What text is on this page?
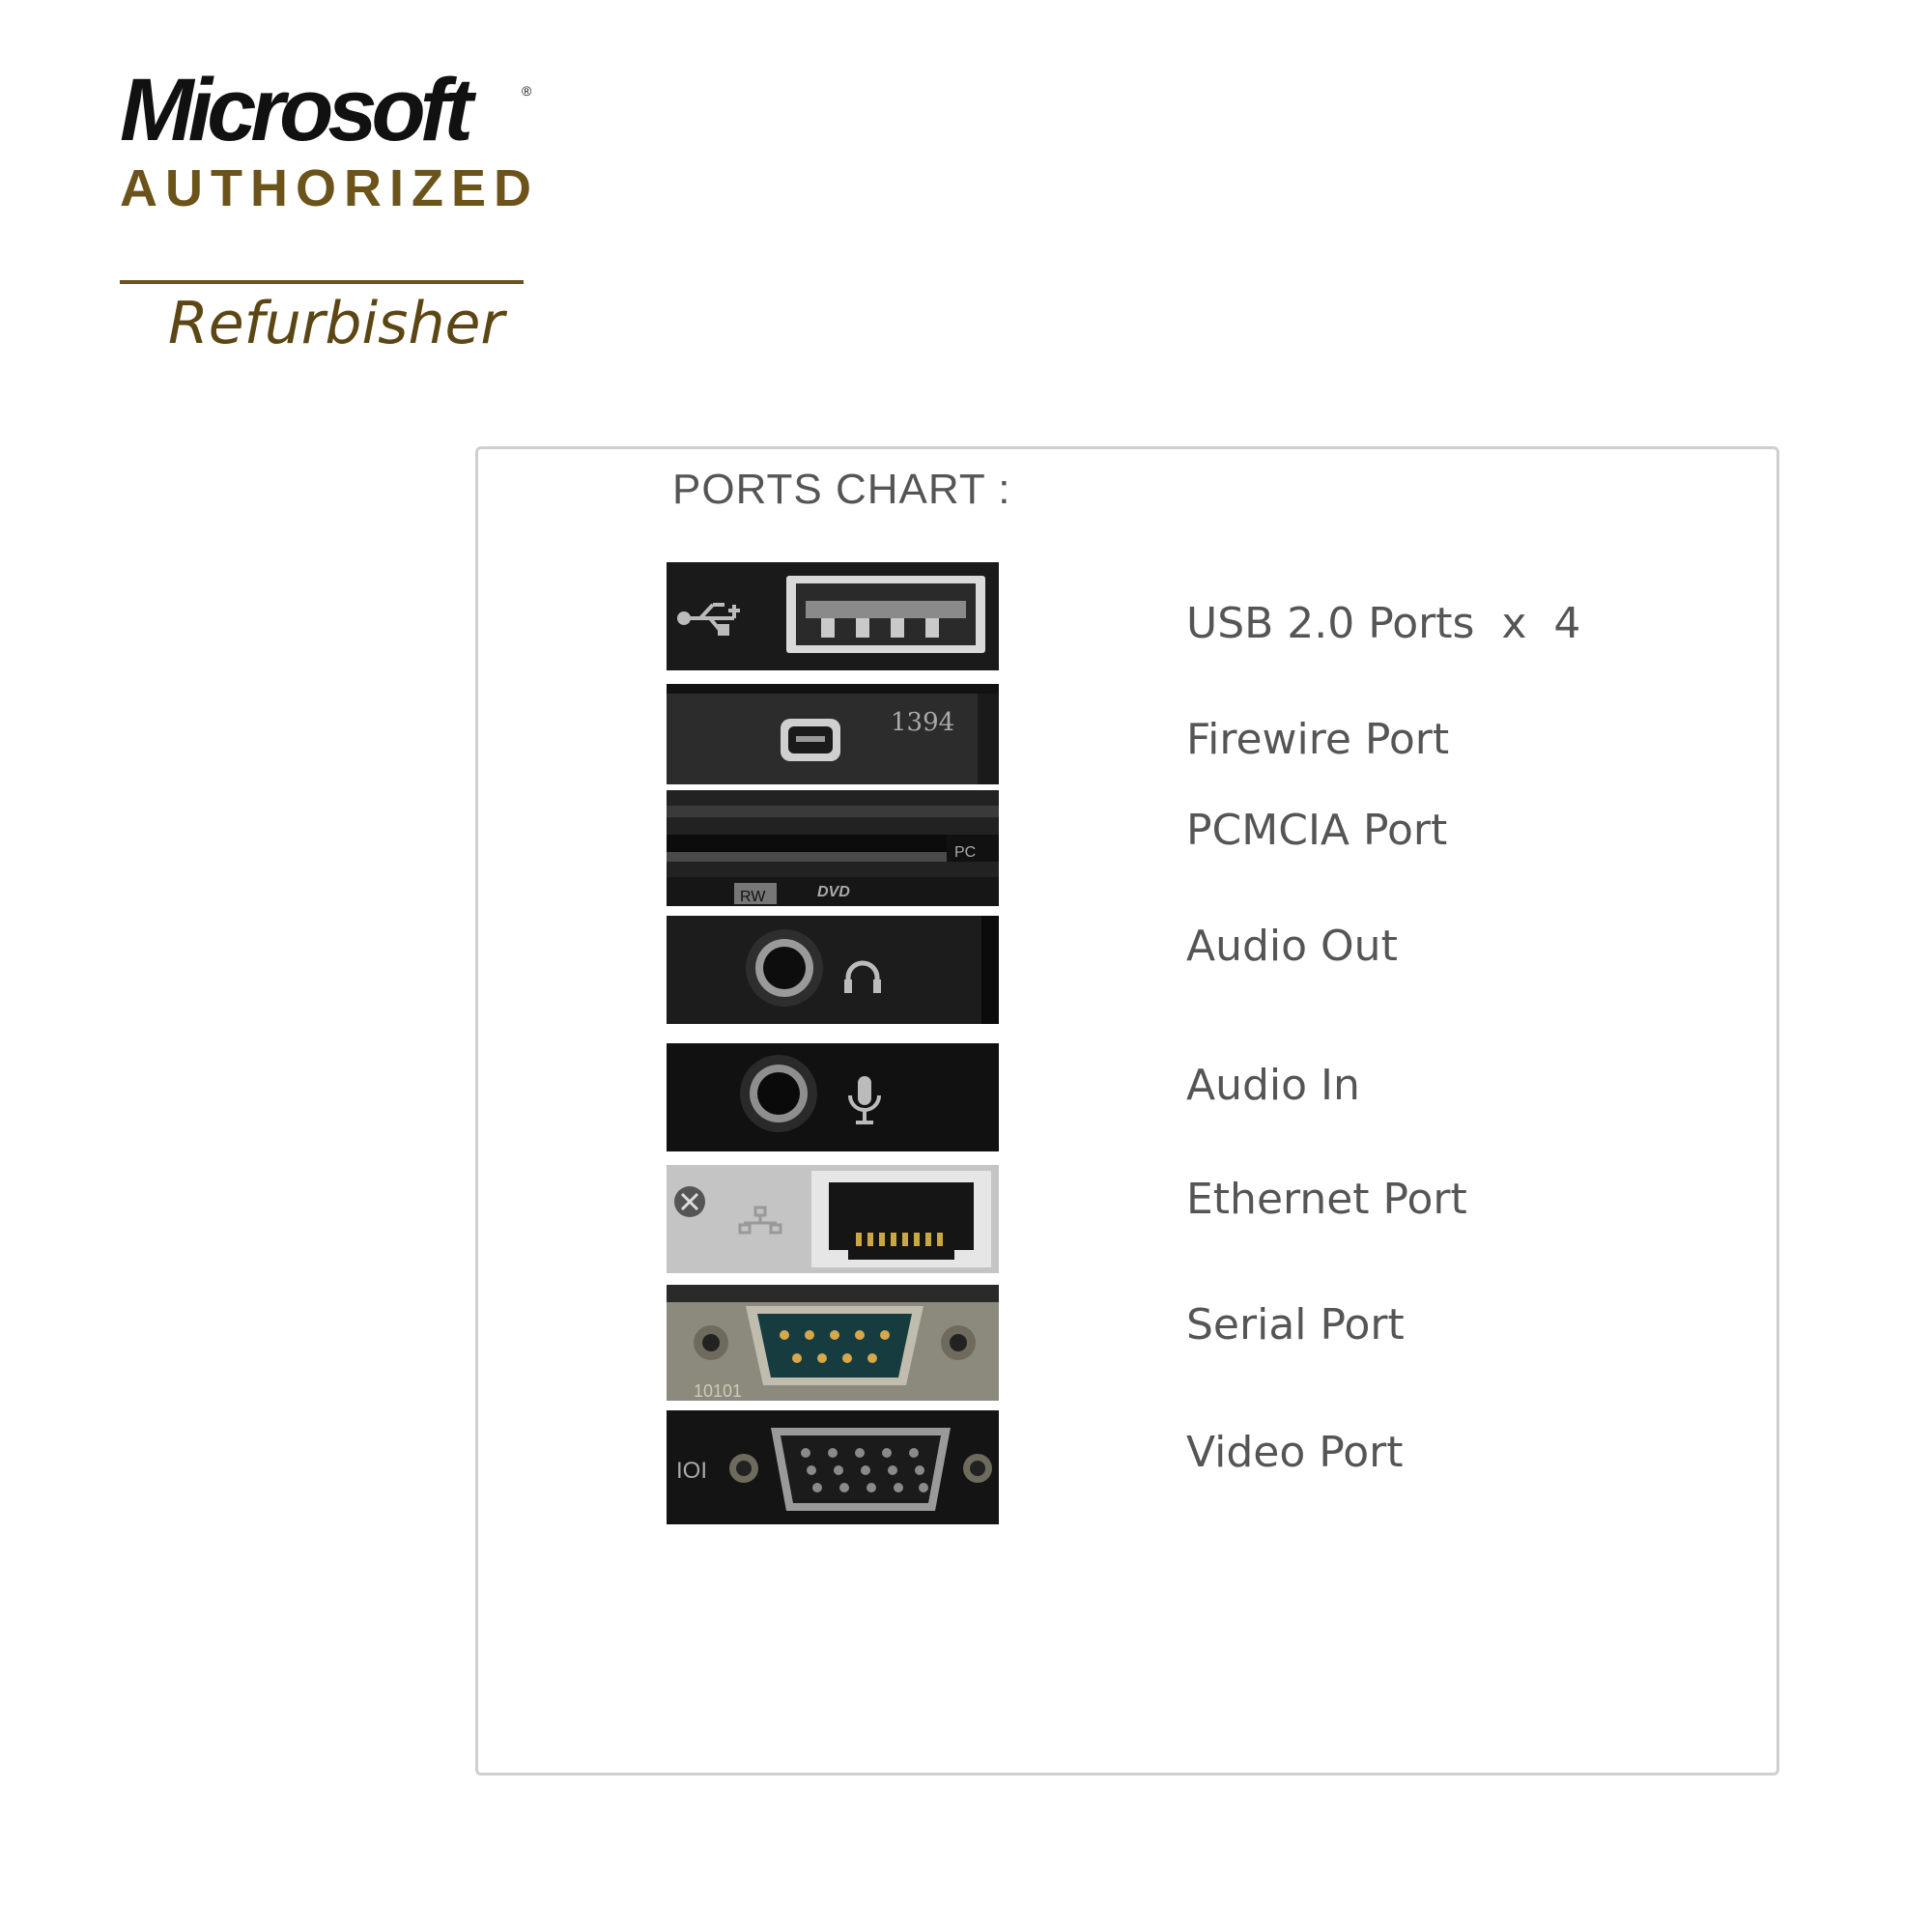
Microsoft	®
AUTHORIZED
Refurbisher
PORTS CHART :
USB 2.0 Ports  x  4
1394	Firewire Port
PC
RW	DVD
PCMCIA Port
Audio Out
Audio In
Ethernet Port
10101
Serial Port
IOI	Video Port
